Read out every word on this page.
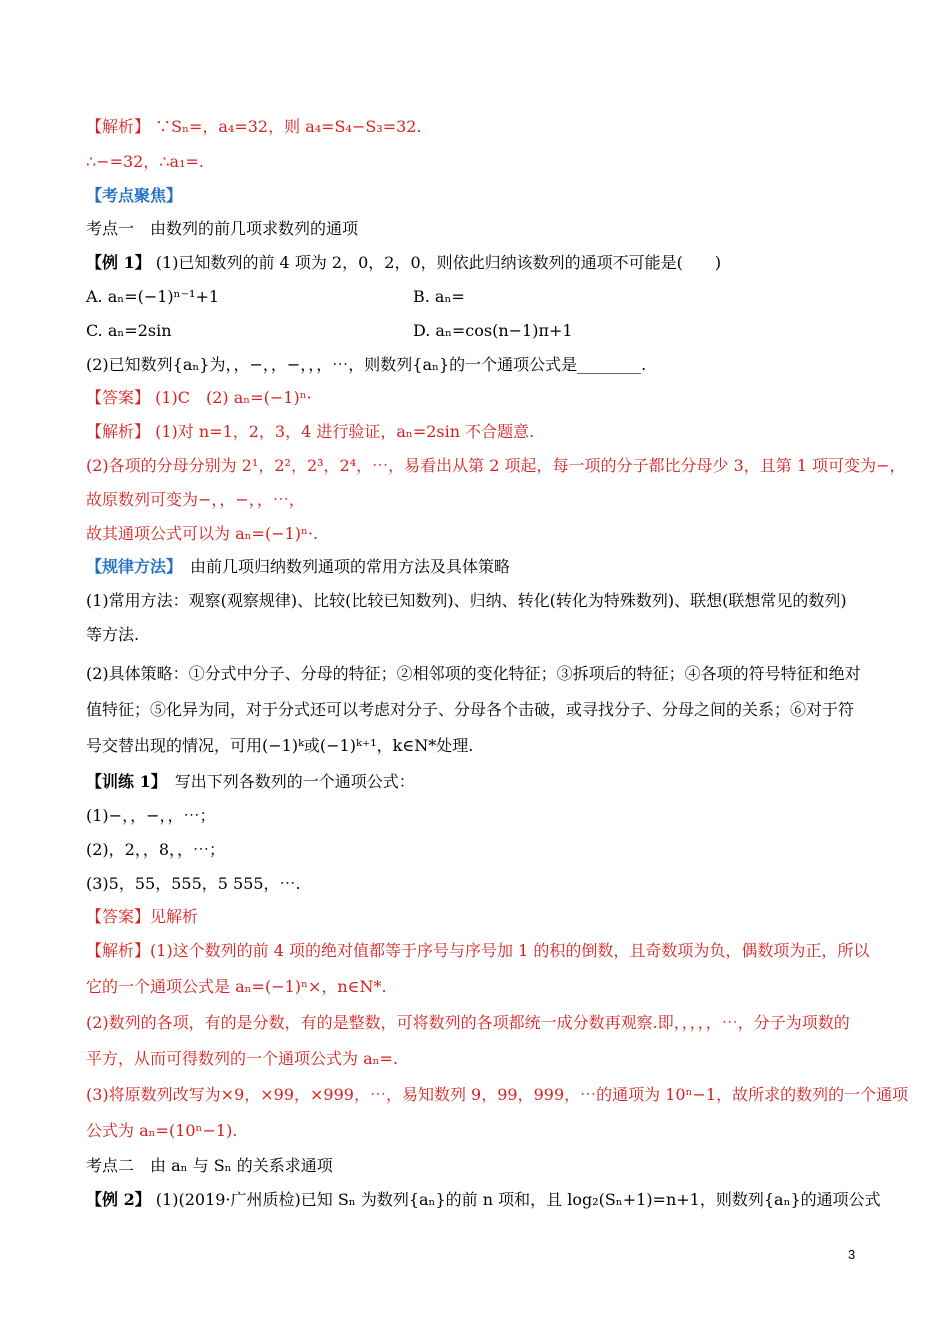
【解析】 ∵Sₙ=，a₄=32，则 a₄=S₄−S₃=32.
∴−=32，∴a₁=.
【考点聚焦】
考点一　由数列的前几项求数列的通项
【例 1】 (1)已知数列的前 4 项为 2，0，2，0，则依此归纳该数列的通项不可能是(　　)
A. aₙ=(−1)ⁿ⁻¹+1
C. aₙ=2sin
(2)已知数列{aₙ}为，，−，，−，，，⋯，则数列{aₙ}的一个通项公式是________.
【答案】 (1)C　(2) aₙ=(−1)ⁿ·
【解析】 (1)对 n=1，2，3，4 进行验证，aₙ=2sin 不合题意.
(2)各项的分母分别为 2¹，2²，2³，2⁴，⋯，易看出从第 2 项起，每一项的分子都比分母少 3，且第 1 项可变为−，
故原数列可变为−，，−，，⋯，
故其通项公式可以为 aₙ=(−1)ⁿ·.
【规律方法】　由前几项归纳数列通项的常用方法及具体策略
(1)常用方法：观察(观察规律)、比较(比较已知数列)、归纳、转化(转化为特殊数列)、联想(联想常见的数列)
等方法.
(2)具体策略：①分式中分子、分母的特征；②相邻项的变化特征；③拆项后的特征；④各项的符号特征和绝对
值特征；⑤化异为同，对于分式还可以考虑对分子、分母各个击破，或寻找分子、分母之间的关系；⑥对于符
号交替出现的情况，可用(−1)ᵏ或(−1)ᵏ⁺¹，k∈N*处理.
【训练 1】　写出下列各数列的一个通项公式：
(1)−，，−，，⋯；
(2)，2，，8，，⋯；
(3)5，55，555，5 555，⋯.
【答案】见解析
【解析】(1)这个数列的前 4 项的绝对值都等于序号与序号加 1 的积的倒数，且奇数项为负，偶数项为正，所以
它的一个通项公式是 aₙ=(−1)ⁿ×，n∈N*.
(2)数列的各项，有的是分数，有的是整数，可将数列的各项都统一成分数再观察.即，，，，，⋯，分子为项数的
平方，从而可得数列的一个通项公式为 aₙ=.
(3)将原数列改写为×9，×99，×999，⋯，易知数列 9，99，999，⋯的通项为 10ⁿ−1，故所求的数列的一个通项
公式为 aₙ=(10ⁿ−1).
考点二　由 aₙ 与 Sₙ 的关系求通项
【例 2】 (1)(2019·广州质检)已知 Sₙ 为数列{aₙ}的前 n 项和，且 log₂(Sₙ+1)=n+1，则数列{aₙ}的通项公式
B. aₙ=
D. aₙ=cos(n−1)π+1
3
